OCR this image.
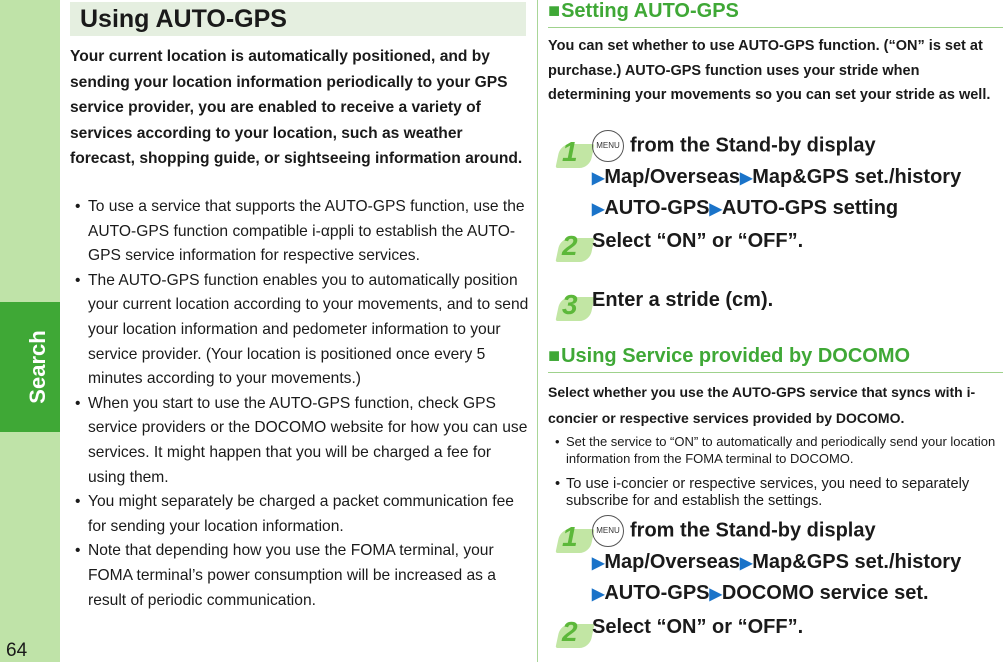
Search
64
Using AUTO-GPS

Your current location is automatically positioned, and by sending your location information periodically to your GPS service provider, you are enabled to receive a variety of services according to your location, such as weather forecast, shopping guide, or sightseeing information around.

• To use a service that supports the AUTO-GPS function, use the AUTO-GPS function compatible i-αppli to establish the AUTO-GPS service information for respective services.
• The AUTO-GPS function enables you to automatically position your current location according to your movements, and to send your location information and pedometer information to your service provider. (Your location is positioned once every 5 minutes according to your movements.)
• When you start to use the AUTO-GPS function, check GPS service providers or the DOCOMO website for how you can use services. It might happen that you will be charged a fee for using them.
• You might separately be charged a packet communication fee for sending your location information.
• Note that depending how you use the FOMA terminal, your FOMA terminal’s power consumption will be increased as a result of periodic communication.
■Setting AUTO-GPS

You can set whether to use AUTO-GPS function. (“ON” is set at purchase.) AUTO-GPS function uses your stride when determining your movements so you can set your stride as well.

1	MENU from the Stand-by display
▶Map/Overseas▶Map&GPS set./history
▶AUTO-GPS▶AUTO-GPS setting
2 Select “ON” or “OFF”.
3 Enter a stride (cm).
■Using Service provided by DOCOMO

Select whether you use the AUTO-GPS service that syncs with i-concier or respective services provided by DOCOMO.

• Set the service to “ON” to automatically and periodically send your location information from the FOMA terminal to DOCOMO.
• To use i-concier or respective services, you need to separately subscribe for and establish the settings.
1	MENU from the Stand-by display
▶Map/Overseas▶Map&GPS set./history
▶AUTO-GPS▶DOCOMO service set.
2 Select “ON” or “OFF”.
